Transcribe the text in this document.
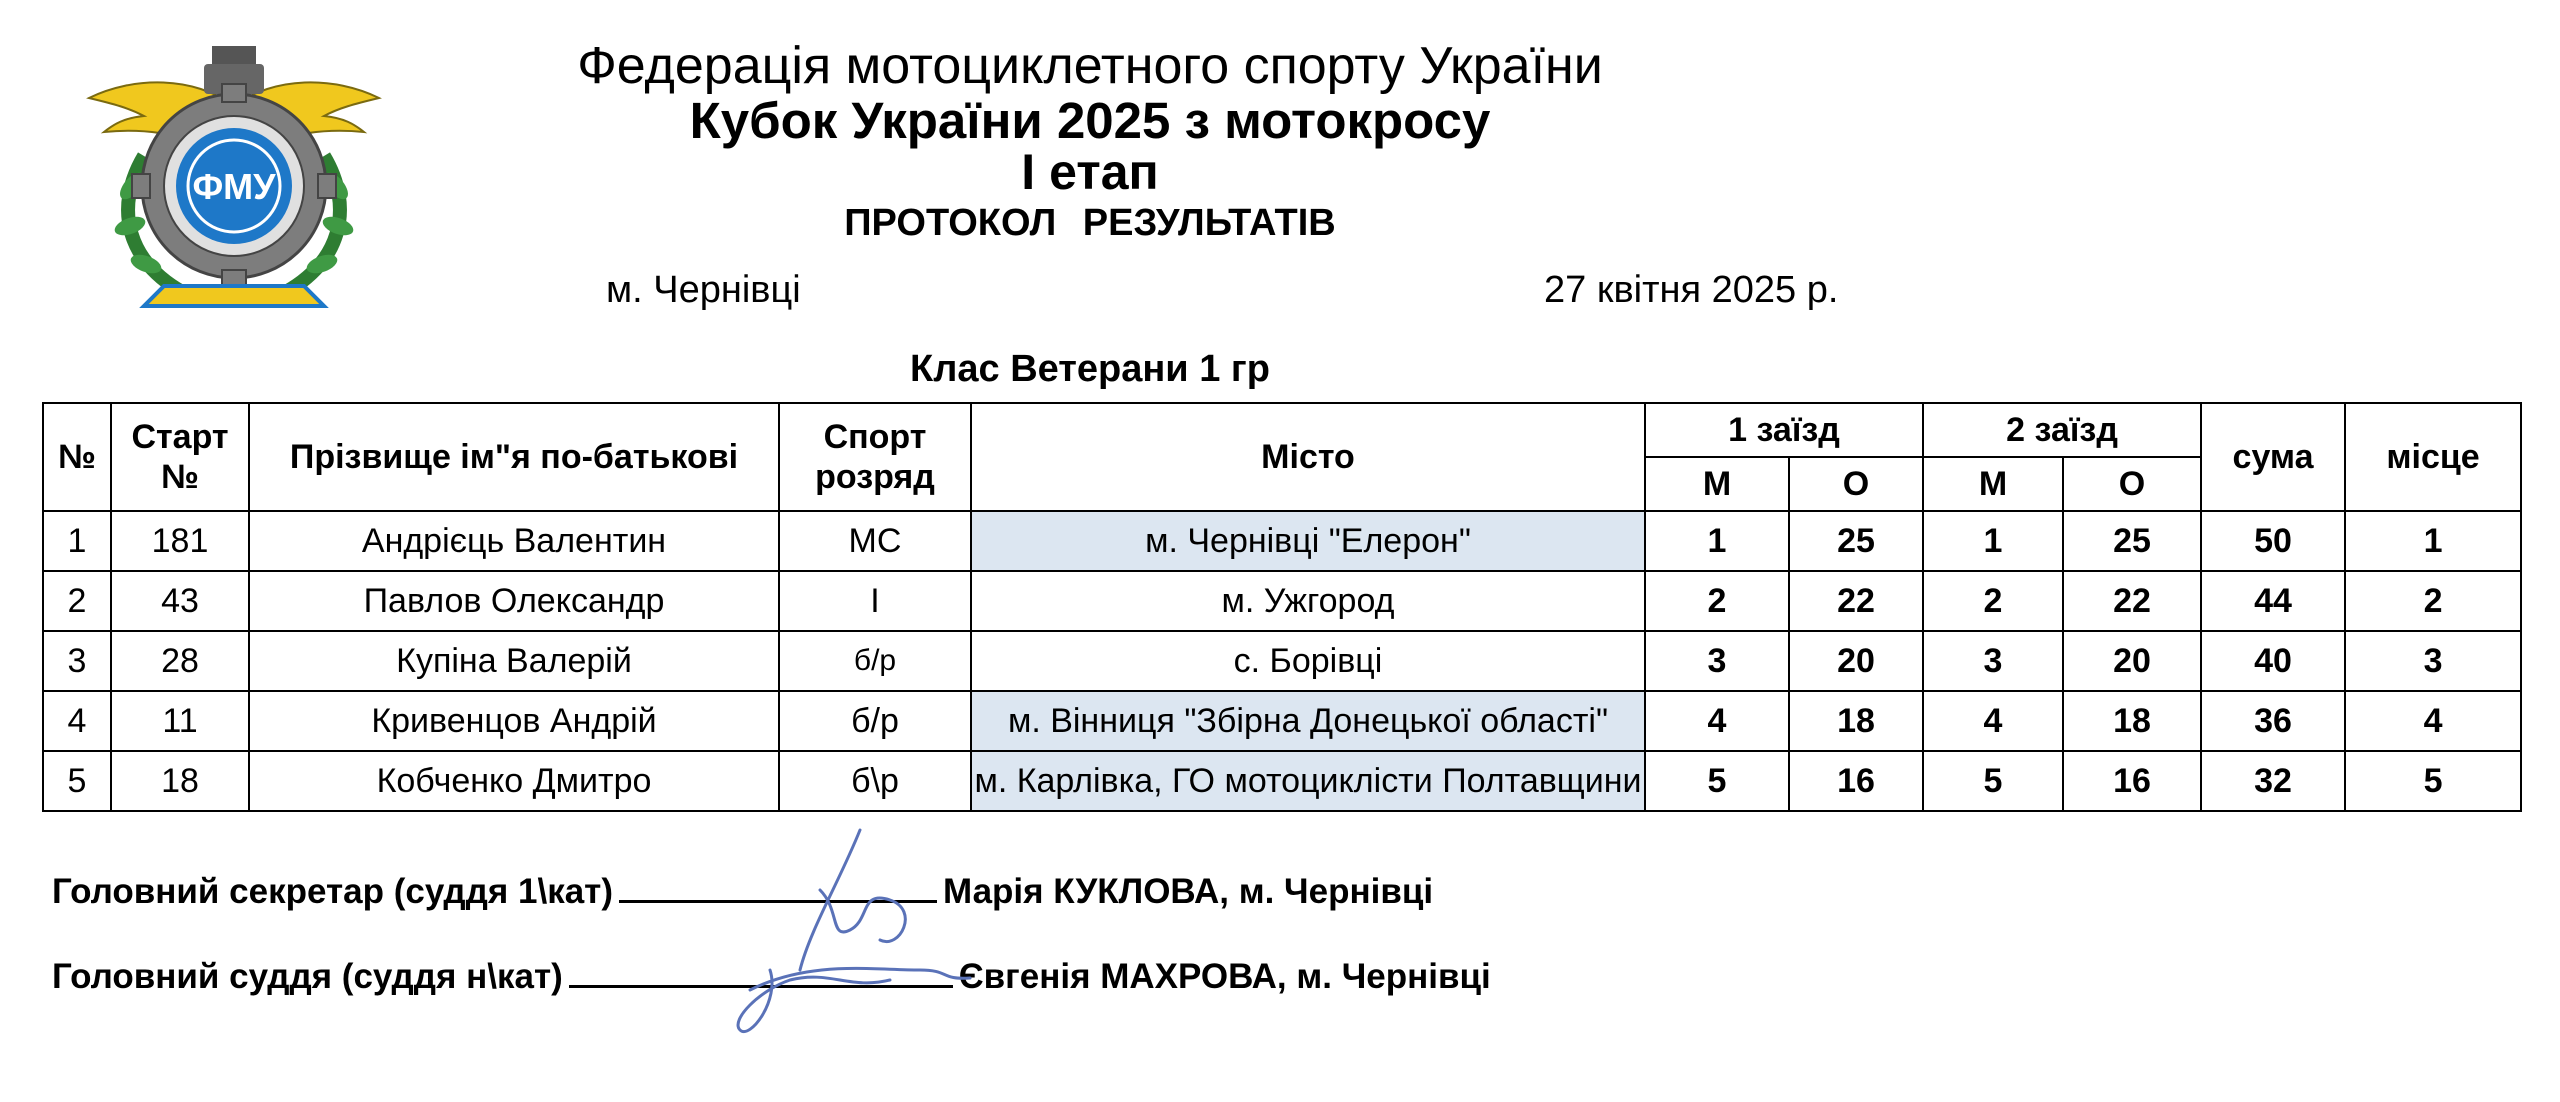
ФМУ
Федерація мотоциклетного спорту України
Кубок України 2025 з мотокросу
І етап
ПРОТОКОЛ РЕЗУЛЬТАТІВ
м. Чернівці	27 квітня 2025 р.
Клас Ветерани 1 гр
№	Старт №	Прізвище ім"я по-батькові	Спорт розряд	Місто	1 заїзд		2 заїзд		сума	місце
					М	О	М	О		
1	181	Андрієць Валентин	МС	м. Чернівці "Елерон"	1	25	1	25	50	1
2	43	Павлов Олександр	І	м. Ужгород	2	22	2	22	44	2
3	28	Купіна Валерій	б/р	с. Борівці	3	20	3	20	40	3
4	11	Кривенцов Андрій	б/р	м. Вінниця "Збірна Донецької області"	4	18	4	18	36	4
5	18	Кобченко Дмитро	б\р	м. Карлівка, ГО мотоциклісти Полтавщини	5	16	5	16	32	5
Головний секретар (суддя 1\кат)	Марія КУКЛОВА, м. Чернівці
Головний суддя (суддя н\кат)	Євгенія МАХРОВА, м. Чернівці
